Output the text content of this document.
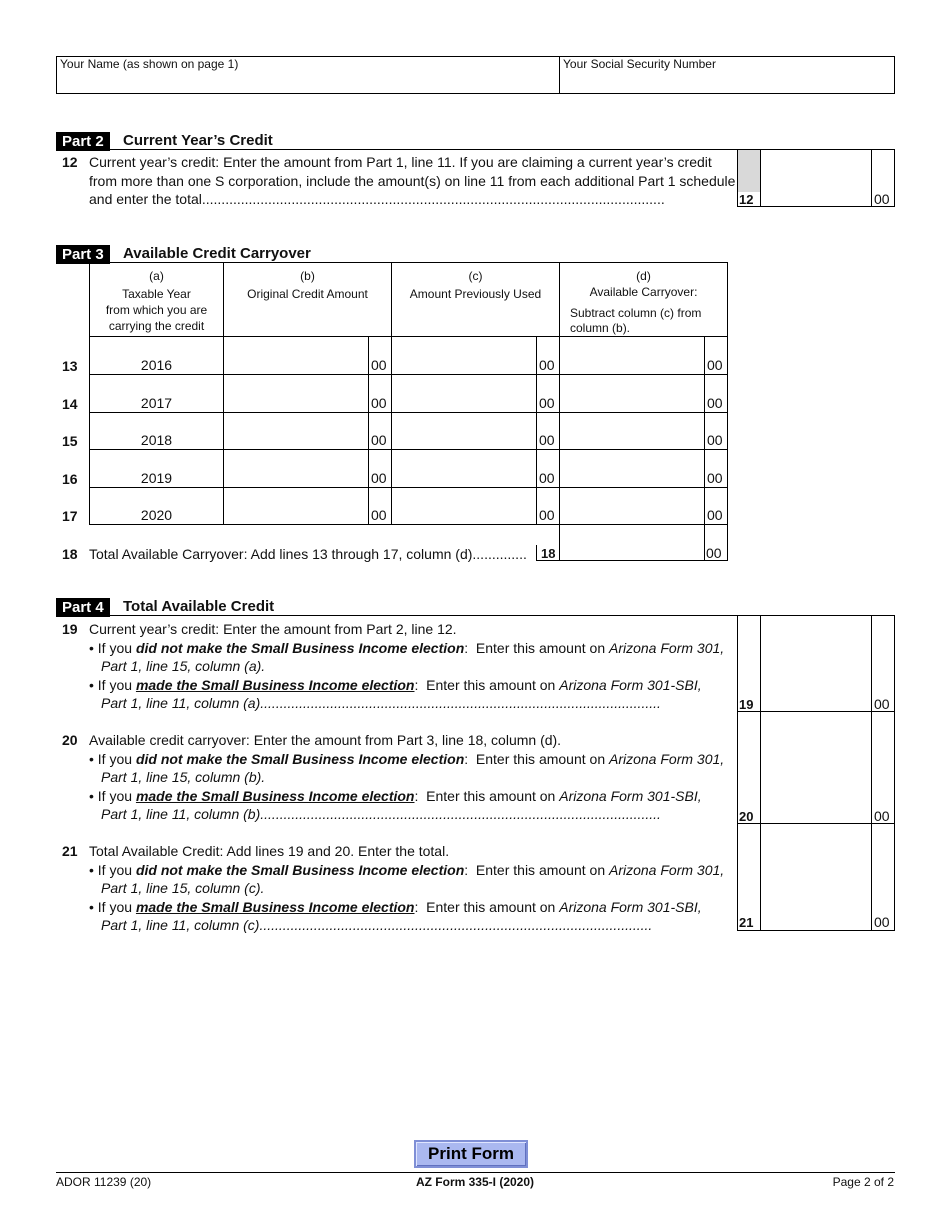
Your Name (as shown on page 1)	Your Social Security Number
Part 2	Current Year’s Credit
12 Current year’s credit: Enter the amount from Part 1, line 11. If you are claiming a current year’s credit
from more than one S corporation, include the amount(s) on line 11 from each additional Part 1 schedule
and enter the total.......................................................................................................................	12	00
Part 3	Available Credit Carryover
(a)
Taxable Year
from which you are
carrying the credit
(b)
Original Credit Amount
(c)
Amount Previously Used
(d)
Available Carryover:
Subtract column (c) from
column (b).
13	2016	00	00	00
14	2017	00	00	00
15	2018	00	00	00
16	2019	00	00	00
17	2020	00	00	00
18 Total Available Carryover: Add lines 13 through 17, column (d).............. 18	00
Part 4	Total Available Credit
19	00
20	00
21	00
19 Current year’s credit: Enter the amount from Part 2, line 12.
• If you did not make the Small Business Income election:  Enter this amount on Arizona Form 301,
Part 1, line 15, column (a).
• If you made the Small Business Income election:  Enter this amount on Arizona Form 301-SBI,
Part 1, line 11, column (a).......................................................................................................
20 Available credit carryover: Enter the amount from Part 3, line 18, column (d).
• If you did not make the Small Business Income election:  Enter this amount on Arizona Form 301,
Part 1, line 15, column (b).
• If you made the Small Business Income election:  Enter this amount on Arizona Form 301-SBI,
Part 1, line 11, column (b).......................................................................................................
21 Total Available Credit: Add lines 19 and 20. Enter the total.
• If you did not make the Small Business Income election:  Enter this amount on Arizona Form 301,
Part 1, line 15, column (c).
• If you made the Small Business Income election:  Enter this amount on Arizona Form 301-SBI,
Part 1, line 11, column (c).....................................................................................................
Print Form
ADOR 11239 (20)	AZ Form 335-I (2020)	Page 2 of 2
